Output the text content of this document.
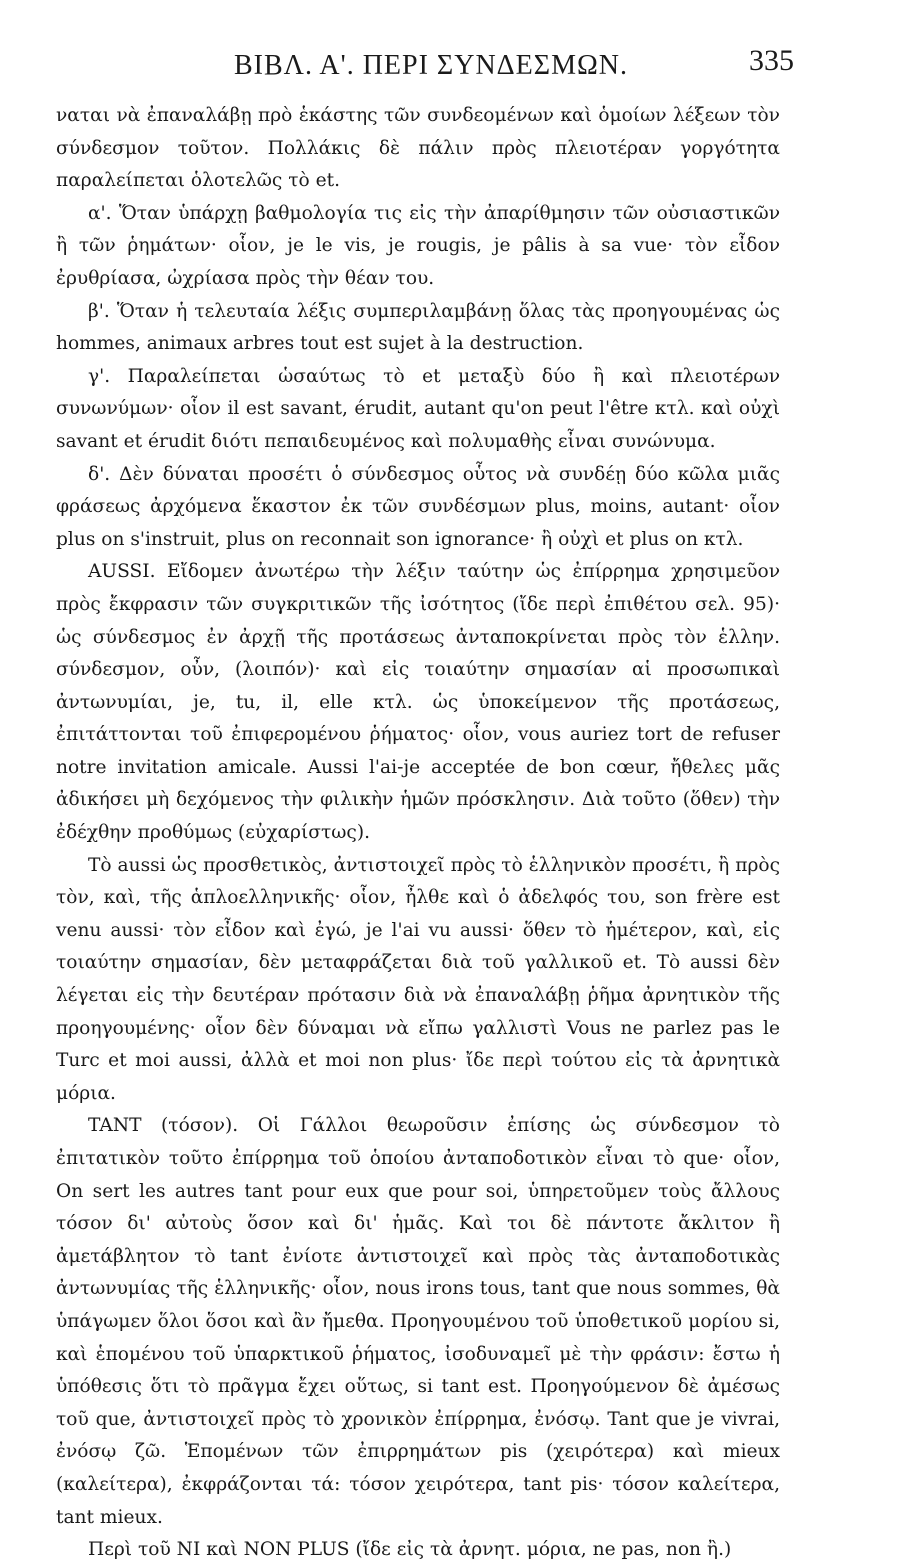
BΙΒΛ. Α'. ΠΕΡΙ ΣΥΝΔΕΣΜΩΝ.	335

ναται νὰ ἐπαναλάβῃ πρὸ ἑκάστης τῶν συνδεομένων καὶ ὁμοίων λέξεων τὸν σύνδεσμον τοῦτον. Πολλάκις δὲ πάλιν πρὸς πλειοτέραν γοργότητα παραλείπεται ὁλοτελῶς τὸ et.

α'. Ὅταν ὑπάρχῃ βαθμολογία τις εἰς τὴν ἀπαρίθμησιν τῶν οὐσιαστικῶν ἢ τῶν ῥημάτων· οἷον, je le vis, je rougis, je pâlis à sa vue· τὸν εἶδον ἐρυθρίασα, ὠχρίασα πρὸς τὴν θέαν του.

β'. Ὅταν ἡ τελευταία λέξις συμπεριλαμβάνῃ ὅλας τὰς προηγουμένας ὡς hommes, animaux arbres tout est sujet à la destruction.

γ'. Παραλείπεται ὡσαύτως τὸ et μεταξὺ δύο ἢ καὶ πλειοτέρων συνωνύμων· οἷον il est savant, érudit, autant qu'on peut l'être κτλ. καὶ οὐχὶ savant et érudit διότι πεπαιδευμένος καὶ πολυμαθὴς εἶναι συνώνυμα.

δ'. Δὲν δύναται προσέτι ὁ σύνδεσμος οὗτος νὰ συνδέῃ δύο κῶλα μιᾶς φράσεως ἀρχόμενα ἕκαστον ἐκ τῶν συνδέσμων plus, moins, autant· οἷον plus on s'instruit, plus on reconnait son ignorance· ἢ οὐχὶ et plus on κτλ.

AUSSI. Εἴδομεν ἀνωτέρω τὴν λέξιν ταύτην ὡς ἐπίρρημα χρησιμεῦον πρὸς ἔκφρασιν τῶν συγκριτικῶν τῆς ἰσότητος (ἴδε περὶ ἐπιθέτου σελ. 95)· ὡς σύνδεσμος ἐν ἀρχῇ τῆς προτάσεως ἀνταποκρίνεται πρὸς τὸν ἑλλην. σύνδεσμον, οὖν, (λοιπόν)· καὶ εἰς τοιαύτην σημασίαν αἱ προσωπικαὶ ἀντωνυμίαι, je, tu, il, elle κτλ. ὡς ὑποκείμενον τῆς προτάσεως, ἐπιτάττονται τοῦ ἐπιφερομένου ῥήματος· οἷον, vous auriez tort de refuser notre invitation amicale. Aussi l'ai-je acceptée de bon cœur, ἤθελες μᾶς ἀδικήσει μὴ δεχόμενος τὴν φιλικὴν ἡμῶν πρόσκλησιν. Διὰ τοῦτο (ὅθεν) τὴν ἐδέχθην προθύμως (εὐχαρίστως).

Τὸ aussi ὡς προσθετικὸς, ἀντιστοιχεῖ πρὸς τὸ ἑλληνικὸν προσέτι, ἢ πρὸς τὸν, καὶ, τῆς ἁπλοελληνικῆς· οἷον, ἦλθε καὶ ὁ ἀδελφός του, son frère est venu aussi· τὸν εἶδον καὶ ἐγώ, je l'ai vu aussi· ὅθεν τὸ ἡμέτερον, καὶ, εἰς τοιαύτην σημασίαν, δὲν μεταφράζεται διὰ τοῦ γαλλικοῦ et. Τὸ aussi δὲν λέγεται εἰς τὴν δευτέραν πρότασιν διὰ νὰ ἐπαναλάβῃ ῥῆμα ἀρνητικὸν τῆς προηγουμένης· οἷον δὲν δύναμαι νὰ εἴπω γαλλιστὶ Vous ne parlez pas le Turc et moi aussi, ἀλλὰ et moi non plus· ἴδε περὶ τούτου εἰς τὰ ἀρνητικὰ μόρια.

TANT (τόσον). Οἱ Γάλλοι θεωροῦσιν ἐπίσης ὡς σύνδεσμον τὸ ἐπιτατικὸν τοῦτο ἐπίρρημα τοῦ ὁποίου ἀνταποδοτικὸν εἶναι τὸ que· οἷον, On sert les autres tant pour eux que pour soi, ὑπηρετοῦμεν τοὺς ἄλλους τόσον δι' αὐτοὺς ὅσον καὶ δι' ἡμᾶς. Καὶ τοι δὲ πάντοτε ἄκλιτον ἢ ἀμετάβλητον τὸ tant ἐνίοτε ἀντιστοιχεῖ καὶ πρὸς τὰς ἀνταποδοτικὰς ἀντωνυμίας τῆς ἑλληνικῆς· οἷον, nous irons tous, tant que nous sommes, θὰ ὑπάγωμεν ὅλοι ὅσοι καὶ ἂν ἤμεθα. Προηγουμένου τοῦ ὑποθετικοῦ μορίου si, καὶ ἑπομένου τοῦ ὑπαρκτικοῦ ῥήματος, ἰσοδυναμεῖ μὲ τὴν φράσιν: ἔστω ἡ ὑπόθεσις ὅτι τὸ πρᾶγμα ἔχει οὕτως, si tant est. Προηγούμενον δὲ ἀμέσως τοῦ que, ἀντιστοιχεῖ πρὸς τὸ χρονικὸν ἐπίρρημα, ἐνόσῳ. Tant que je vivrai, ἐνόσῳ ζῶ. Ἑπομένων τῶν ἐπιρρημάτων pis (χειρότερα) καὶ mieux (καλείτερα), ἐκφράζονται τά: τόσον χειρότερα, tant pis· τόσον καλείτερα, tant mieux.

Περὶ τοῦ NI καὶ NON PLUS (ἴδε εἰς τὰ ἀρνητ. μόρια, ne pas, non ἢ.)
